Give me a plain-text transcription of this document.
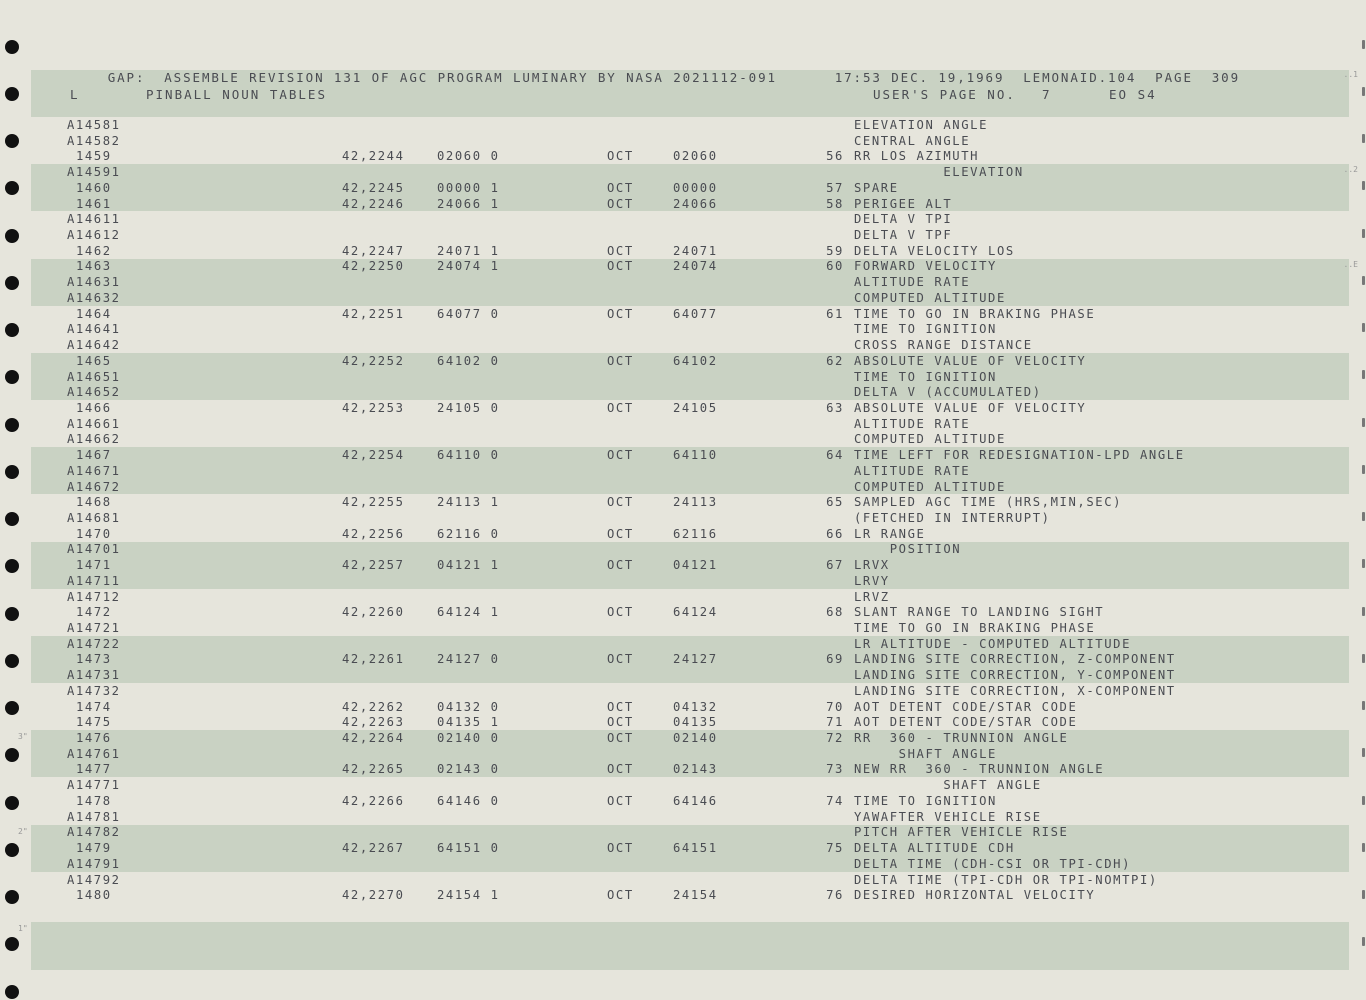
..1
..2
..E
3"
2"
1"

GAP:  ASSEMBLE REVISION 131 OF AGC PROGRAM LUMINARY BY NASA 2021112-091
	17:53 DEC. 19,1969  LEMONAID.104  PAGE  309

L	PINBALL NOUN TABLES	USER'S PAGE NO. 7	EO S4
A14581	ELEVATION ANGLE
A14582	CENTRAL ANGLE
1459	42,2244	02060 0	OCT	02060	56 RR LOS AZIMUTH
A14591	ELEVATION
1460	42,2245	00000 1	OCT	00000	57 SPARE
1461	42,2246	24066 1	OCT	24066	58 PERIGEE ALT
A14611	DELTA V TPI
A14612	DELTA V TPF
1462	42,2247	24071 1	OCT	24071	59 DELTA VELOCITY LOS
1463	42,2250	24074 1	OCT	24074	60 FORWARD VELOCITY
A14631	ALTITUDE RATE
A14632	COMPUTED ALTITUDE
1464	42,2251	64077 0	OCT	64077	61 TIME TO GO IN BRAKING PHASE
A14641	TIME TO IGNITION
A14642	CROSS RANGE DISTANCE
1465	42,2252	64102 0	OCT	64102	62 ABSOLUTE VALUE OF VELOCITY
A14651	TIME TO IGNITION
A14652	DELTA V (ACCUMULATED)
1466	42,2253	24105 0	OCT	24105	63 ABSOLUTE VALUE OF VELOCITY
A14661	ALTITUDE RATE
A14662	COMPUTED ALTITUDE
1467	42,2254	64110 0	OCT	64110	64 TIME LEFT FOR REDESIGNATION-LPD ANGLE
A14671	ALTITUDE RATE
A14672	COMPUTED ALTITUDE
1468	42,2255	24113 1	OCT	24113	65 SAMPLED AGC TIME (HRS,MIN,SEC)
A14681	(FETCHED IN INTERRUPT)
1470	42,2256	62116 0	OCT	62116	66 LR RANGE
A14701	POSITION
1471	42,2257	04121 1	OCT	04121	67 LRVX
A14711	LRVY
A14712	LRVZ
1472	42,2260	64124 1	OCT	64124	68 SLANT RANGE TO LANDING SIGHT
A14721	TIME TO GO IN BRAKING PHASE
A14722	LR ALTITUDE - COMPUTED ALTITUDE
1473	42,2261	24127 0	OCT	24127	69 LANDING SITE CORRECTION, Z-COMPONENT
A14731	LANDING SITE CORRECTION, Y-COMPONENT
A14732	LANDING SITE CORRECTION, X-COMPONENT
1474	42,2262	04132 0	OCT	04132	70 AOT DETENT CODE/STAR CODE
1475	42,2263	04135 1	OCT	04135	71 AOT DETENT CODE/STAR CODE
1476	42,2264	02140 0	OCT	02140	72 RR  360 - TRUNNION ANGLE
A14761	SHAFT ANGLE
1477	42,2265	02143 0	OCT	02143	73 NEW RR  360 - TRUNNION ANGLE
A14771	SHAFT ANGLE
1478	42,2266	64146 0	OCT	64146	74 TIME TO IGNITION
A14781	YAWAFTER VEHICLE RISE
A14782	PITCH AFTER VEHICLE RISE
1479	42,2267	64151 0	OCT	64151	75 DELTA ALTITUDE CDH
A14791	DELTA TIME (CDH-CSI OR TPI-CDH)
A14792	DELTA TIME (TPI-CDH OR TPI-NOMTPI)
1480	42,2270	24154 1	OCT	24154	76 DESIRED HORIZONTAL VELOCITY
